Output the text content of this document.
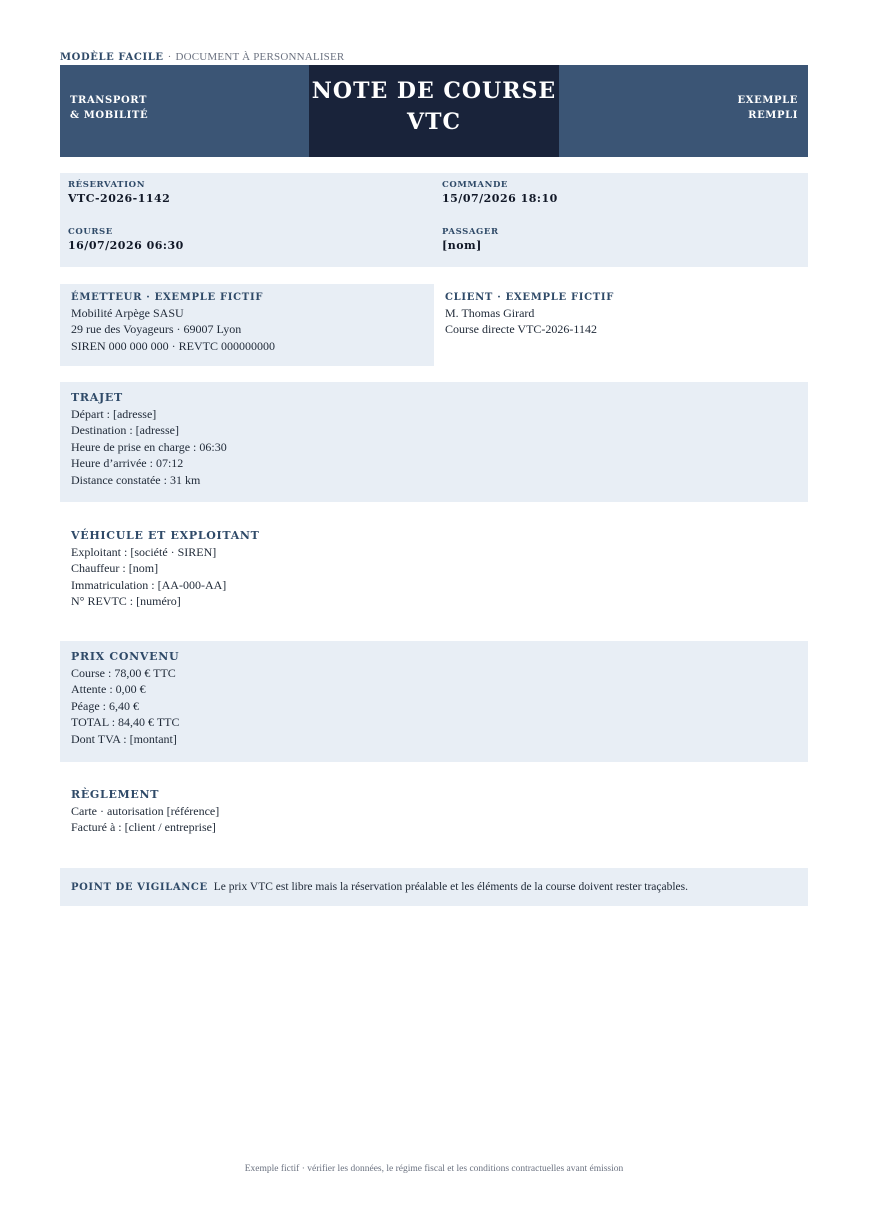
MODÈLE FACILE · DOCUMENT À PERSONNALISER
TRANSPORT
& MOBILITÉ
NOTE DE COURSE
VTC
EXEMPLE
REMPLI
RÉSERVATION
VTC-2026-1142
COMMANDE
15/07/2026 18:10
COURSE
16/07/2026 06:30
PASSAGER
[nom]
ÉMETTEUR · EXEMPLE FICTIF
Mobilité Arpège SASU
29 rue des Voyageurs · 69007 Lyon
SIREN 000 000 000 · REVTC 000000000
CLIENT · EXEMPLE FICTIF
M. Thomas Girard
Course directe VTC-2026-1142
TRAJET
Départ : [adresse]
Destination : [adresse]
Heure de prise en charge : 06:30
Heure d’arrivée : 07:12
Distance constatée : 31 km
VÉHICULE ET EXPLOITANT
Exploitant : [société · SIREN]
Chauffeur : [nom]
Immatriculation : [AA-000-AA]
N° REVTC : [numéro]
PRIX CONVENU
Course : 78,00 € TTC
Attente : 0,00 €
Péage : 6,40 €
TOTAL : 84,40 € TTC
Dont TVA : [montant]
RÈGLEMENT
Carte · autorisation [référence]
Facturé à : [client / entreprise]
POINT DE VIGILANCE Le prix VTC est libre mais la réservation préalable et les éléments de la course doivent rester traçables.
Exemple fictif · vérifier les données, le régime fiscal et les conditions contractuelles avant émission
